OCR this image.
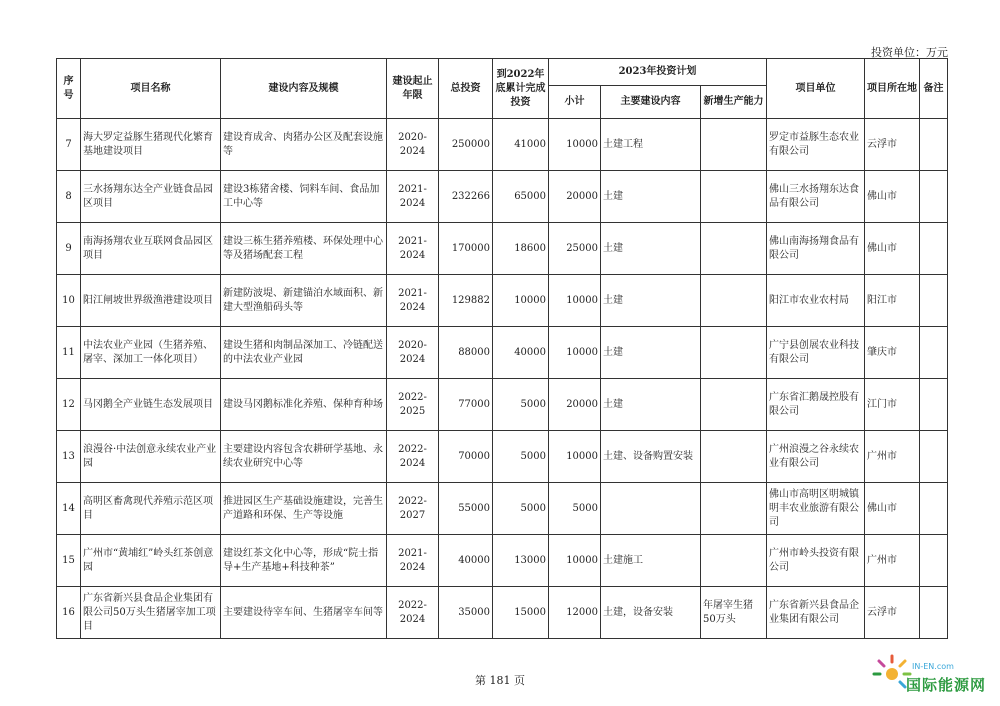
投资单位：万元
序号	项目名称	建设内容及规模	建设起止年限	总投资	到2022年底累计完成投资	2023年投资计划			项目单位	项目所在地	备注
						小计	主要建设内容	新增生产能力			
7	海大罗定益豚生猪现代化繁育基地建设项目	建设育成舍、肉猪办公区及配套设施等	2020-2024	250000	41000	10000	土建工程		罗定市益豚生态农业有限公司	云浮市	
8	三水扬翔东达全产业链食品园区项目	建设3栋猪舍楼、饲料车间、食品加工中心等	2021-2024	232266	65000	20000	土建		佛山三水扬翔东达食品有限公司	佛山市	
9	南海扬翔农业互联网食品园区项目	建设三栋生猪养殖楼、环保处理中心等及猪场配套工程	2021-2024	170000	18600	25000	土建		佛山南海扬翔食品有限公司	佛山市	
10	阳江闸坡世界级渔港建设项目	新建防波堤、新建锚泊水域面积、新建大型渔船码头等	2021-2024	129882	10000	10000	土建		阳江市农业农村局	阳江市	
11	中法农业产业园（生猪养殖、屠宰、深加工一体化项目）	建设生猪和肉制品深加工、冷链配送的中法农业产业园	2020-2024	88000	40000	10000	土建		广宁县创展农业科技有限公司	肇庆市	
12	马冈鹅全产业链生态发展项目	建设马冈鹅标准化养殖、保种育种场	2022-2025	77000	5000	20000	土建		广东省汇鹅晟控股有限公司	江门市	
13	浪漫谷·中法创意永续农业产业园	主要建设内容包含农耕研学基地、永续农业研究中心等	2022-2024	70000	5000	10000	土建、设备购置安装		广州浪漫之谷永续农业有限公司	广州市	
14	高明区畜禽现代养殖示范区项目	推进园区生产基础设施建设，完善生产道路和环保、生产等设施	2022-2027	55000	5000	5000			佛山市高明区明城镇明丰农业旅游有限公司	佛山市	
15	广州市“黄埔红”岭头红茶创意园	建设红茶文化中心等，形成“院士指导+生产基地+科技种茶”	2021-2024	40000	13000	10000	土建施工		广州市岭头投资有限公司	广州市	
16	广东省新兴县食品企业集团有限公司50万头生猪屠宰加工项目	主要建设待宰车间、生猪屠宰车间等	2022-2024	35000	15000	12000	土建，设备安装	年屠宰生猪50万头	广东省新兴县食品企业集团有限公司	云浮市	
第 181 页
IN-EN.com
国际能源网
